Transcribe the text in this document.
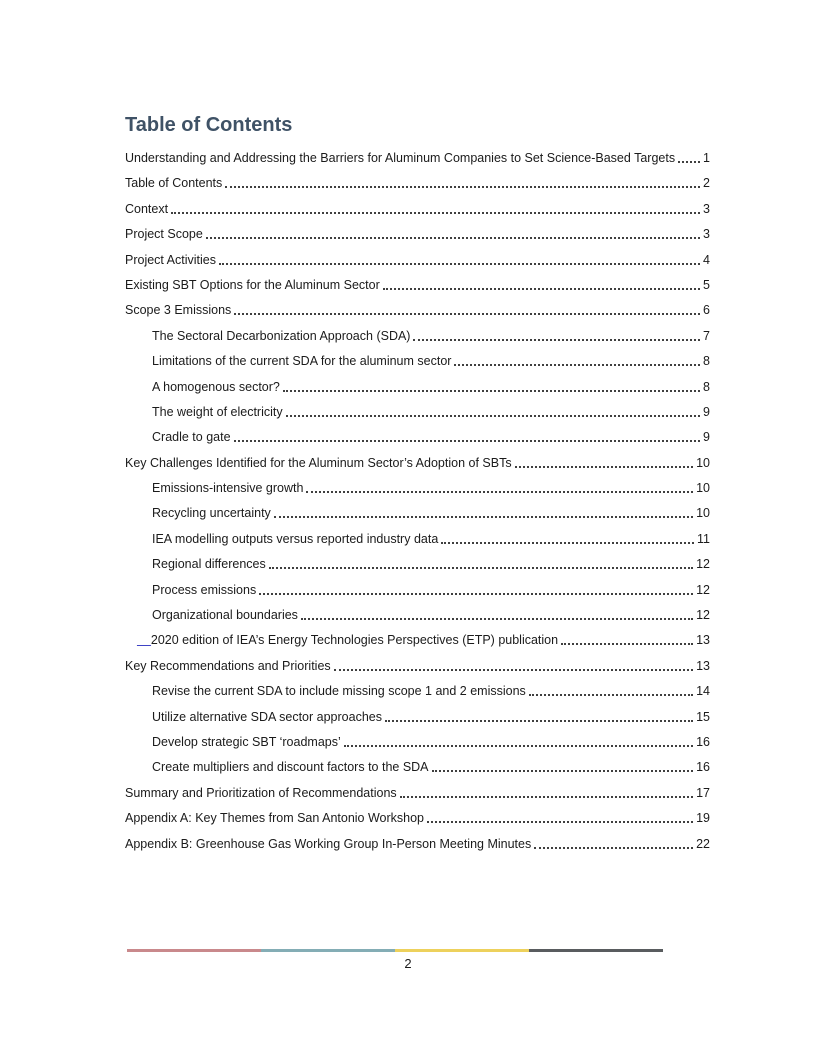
Table of Contents
Understanding and Addressing the Barriers for Aluminum Companies to Set Science-Based Targets 1
Table of Contents	2
Context	3
Project Scope	3
Project Activities	4
Existing SBT Options for the Aluminum Sector	5
Scope 3 Emissions	6
The Sectoral Decarbonization Approach (SDA)	7
Limitations of the current SDA for the aluminum sector	8
A homogenous sector?	8
The weight of electricity	9
Cradle to gate	9
Key Challenges Identified for the Aluminum Sector’s Adoption of SBTs	10
Emissions-intensive growth	10
Recycling uncertainty	10
IEA modelling outputs versus reported industry data	11
Regional differences	12
Process emissions	12
Organizational boundaries	12
__ 2020 edition of IEA’s Energy Technologies Perspectives (ETP) publication	13
Key Recommendations and Priorities	13
Revise the current SDA to include missing scope 1 and 2 emissions	14
Utilize alternative SDA sector approaches	15
Develop strategic SBT ‘roadmaps’	16
Create multipliers and discount factors to the SDA	16
Summary and Prioritization of Recommendations	17
Appendix A: Key Themes from San Antonio Workshop	19
Appendix B: Greenhouse Gas Working Group In-Person Meeting Minutes	22
2
